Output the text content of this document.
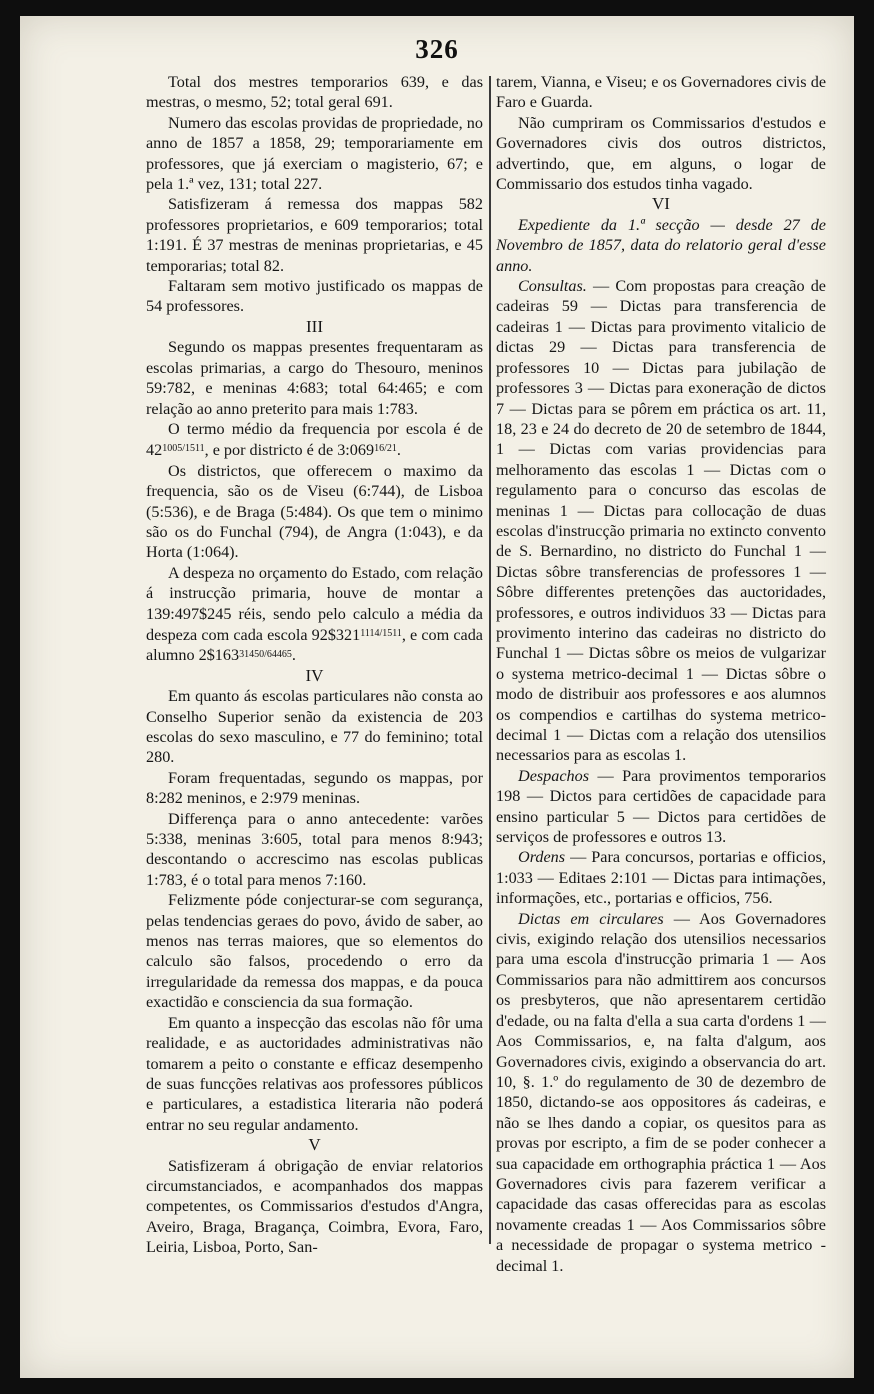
326

Total dos mestres temporarios 639, e das mestras, o mesmo, 52; total geral 691.

Numero das escolas providas de propriedade, no anno de 1857 a 1858, 29; temporariamente em professores, que já exerciam o magisterio, 67; e pela 1.ª vez, 131; total 227.

Satisfizeram á remessa dos mappas 582 professores proprietarios, e 609 temporarios; total 1:191. É 37 mestras de meninas proprietarias, e 45 temporarias; total 82.

Faltaram sem motivo justificado os mappas de 54 professores.

III

Segundo os mappas presentes frequentaram as escolas primarias, a cargo do Thesouro, meninos 59:782, e meninas 4:683; total 64:465; e com relação ao anno preterito para mais 1:783.

O termo médio da frequencia por escola é de $42^{1005/1511}$, e por districto é de $3:069^{16/21}$.

Os districtos, que offerecem o maximo da frequencia, são os de Viseu (6:744), de Lisboa (5:536), e de Braga (5:484). Os que tem o minimo são os do Funchal (794), de Angra (1:043), e da Horta (1:064).

A despeza no orçamento do Estado, com relação á instrucção primaria, houve de montar a 139:497$245 réis, sendo pelo calculo a média da despeza com cada escola $92\$321^{1114/1511}$, e com cada alumno 2$16331450/64465.

IV

Em quanto ás escolas particulares não consta ao Conselho Superior senão da existencia de 203 escolas do sexo masculino, e 77 do feminino; total 280.

Foram frequentadas, segundo os mappas, por 8:282 meninos, e 2:979 meninas.

Differença para o anno antecedente: varões 5:338, meninas 3:605, total para menos 8:943; descontando o accrescimo nas escolas publicas 1:783, é o total para menos 7:160.

Felizmente póde conjecturar-se com segurança, pelas tendencias geraes do povo, ávido de saber, ao menos nas terras maiores, que so elementos do calculo são falsos, procedendo o erro da irregularidade da remessa dos mappas, e da pouca exactidão e consciencia da sua formação.

Em quanto a inspecção das escolas não fôr uma realidade, e as auctoridades administrativas não tomarem a peito o constante e efficaz desempenho de suas funcções relativas aos professores públicos e particulares, a estadistica literaria não poderá entrar no seu regular andamento.

V

Satisfizeram á obrigação de enviar relatorios circumstanciados, e acompanhados dos mappas competentes, os Commissarios d'estudos d'Angra, Aveiro, Braga, Bragança, Coimbra, Evora, Faro, Leiria, Lisboa, Porto, San-

tarem, Vianna, e Viseu; e os Governadores civis de Faro e Guarda.

Não cumpriram os Commissarios d'estudos e Governadores civis dos outros districtos, advertindo, que, em alguns, o logar de Commissario dos estudos tinha vagado.

VI

Expediente da 1.ª secção — desde 27 de Novembro de 1857, data do relatorio geral d'esse anno.

Consultas. — Com propostas para creação de cadeiras 59 — Dictas para transferencia de cadeiras 1 — Dictas para provimento vitalicio de dictas 29 — Dictas para transferencia de professores 10 — Dictas para jubilação de professores 3 — Dictas para exoneração de dictos 7 — Dictas para se pôrem em práctica os art. 11, 18, 23 e 24 do decreto de 20 de setembro de 1844, 1 — Dictas com varias providencias para melhoramento das escolas 1 — Dictas com o regulamento para o concurso das escolas de meninas 1 — Dictas para collocação de duas escolas d'instrucção primaria no extincto convento de S. Bernardino, no districto do Funchal 1 — Dictas sôbre transferencias de professores 1 — Sôbre differentes pretenções das auctoridades, professores, e outros individuos 33 — Dictas para provimento interino das cadeiras no districto do Funchal 1 — Dictas sôbre os meios de vulgarizar o systema metrico-decimal 1 — Dictas sôbre o modo de distribuir aos professores e aos alumnos os compendios e cartilhas do systema metrico-decimal 1 — Dictas com a relação dos utensilios necessarios para as escolas 1.

Despachos — Para provimentos temporarios 198 — Dictos para certidões de capacidade para ensino particular 5 — Dictos para certidões de serviços de professores e outros 13.

Ordens — Para concursos, portarias e officios, 1:033 — Editaes 2:101 — Dictas para intimações, informações, etc., portarias e officios, 756.

Dictas em circulares — Aos Governadores civis, exigindo relação dos utensilios necessarios para uma escola d'instrucção primaria 1 — Aos Commissarios para não admittirem aos concursos os presbyteros, que não apresentarem certidão d'edade, ou na falta d'ella a sua carta d'ordens 1 — Aos Commissarios, e, na falta d'algum, aos Governadores civis, exigindo a observancia do art. 10, §. 1.º do regulamento de 30 de dezembro de 1850, dictando-se aos oppositores ás cadeiras, e não se lhes dando a copiar, os quesitos para as provas por escripto, a fim de se poder conhecer a sua capacidade em orthographia práctica 1 — Aos Governadores civis para fazerem verificar a capacidade das casas offerecidas para as escolas novamente creadas 1 — Aos Commissarios sôbre a necessidade de propagar o systema metrico - decimal 1.
